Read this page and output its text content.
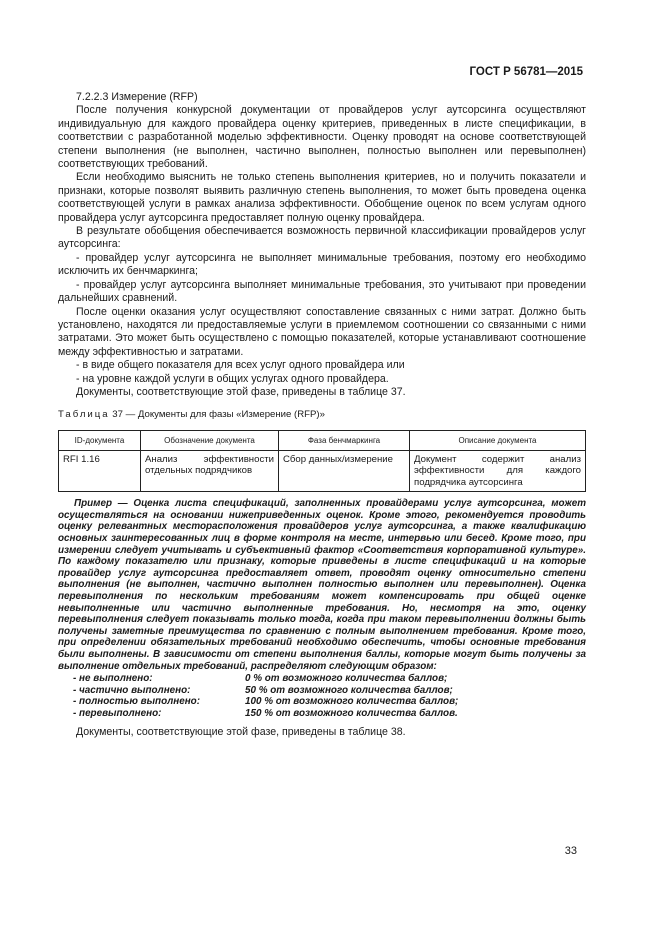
ГОСТ Р 56781—2015

7.2.2.3 Измерение (RFP)

После получения конкурсной документации от провайдеров услуг аутсорсинга осуществляют индивидуальную для каждого провайдера оценку критериев, приведенных в листе спецификации, в соответствии с разработанной моделью эффективности. Оценку проводят на основе соответствующей степени выполнения (не выполнен, частично выполнен, полностью выполнен или перевыполнен) соответствующих требований.

Если необходимо выяснить не только степень выполнения критериев, но и получить показатели и признаки, которые позволят выявить различную степень выполнения, то может быть проведена оценка соответствующей услуги в рамках анализа эффективности. Обобщение оценок по всем услугам одного провайдера услуг аутсорсинга предоставляет полную оценку провайдера.

В результате обобщения обеспечивается возможность первичной классификации провайдеров услуг аутсорсинга:

- провайдер услуг аутсорсинга не выполняет минимальные требования, поэтому его необходимо исключить их бенчмаркинга;

- провайдер услуг аутсорсинга выполняет минимальные требования, это учитывают при проведении дальнейших сравнений.

После оценки оказания услуг осуществляют сопоставление связанных с ними затрат. Должно быть установлено, находятся ли предоставляемые услуги в приемлемом соотношении со связанными с ними затратами. Это может быть осуществлено с помощью показателей, которые устанавливают соотношение между эффективностью и затратами.

- в виде общего показателя для всех услуг одного провайдера или

- на уровне каждой услуги в общих услугах одного провайдера.

Документы, соответствующие этой фазе, приведены в таблице 37.

Таблица 37 — Документы для фазы «Измерение (RFP)»

ID-документа	Обозначение документа	Фаза бенчмаркинга	Описание документа
RFI 1.16	Анализ эффективности отдельных подрядчиков	Сбор данных/измерение	Документ содержит анализ эффективности для каждого подрядчика аутсорсинга

Пример — Оценка листа спецификаций, заполненных провайдерами услуг аутсорсинга, может осуществляться на основании нижеприведенных оценок. Кроме этого, рекомендуется проводить оценку релевантных месторасположения провайдеров услуг аутсорсинга, а также квалификацию основных заинтересованных лиц в форме контроля на месте, интервью или бесед. Кроме того, при измерении следует учитывать и субъективный фактор «Соответствия корпоративной культуре». По каждому показателю или признаку, которые приведены в листе спецификаций и на которые провайдер услуг аутсорсинга предоставляет ответ, проводят оценку относительно степени выполнения (не выполнен, частично выполнен полностью выполнен или перевыполнен). Оценка перевыполнения по нескольким требованиям может компенсировать при общей оценке невыполненные или частично выполненные требования. Но, несмотря на это, оценку перевыполнения следует показывать только тогда, когда при таком перевыполнении должны быть получены заметные преимущества по сравнению с полным выполнением требования. Кроме того, при определении обязательных требований необходимо обеспечить, чтобы основные требования были выполнены. В зависимости от степени выполнения баллы, которые могут быть получены за выполнение отдельных требований, распределяют следующим образом:

- не выполнено:	0 % от возможного количества баллов;
- частично выполнено:	50 % от возможного количества баллов;
- полностью выполнено:	100 % от возможного количества баллов;
- перевыполнено:	150 % от возможного количества баллов.

Документы, соответствующие этой фазе, приведены в таблице 38.

33
